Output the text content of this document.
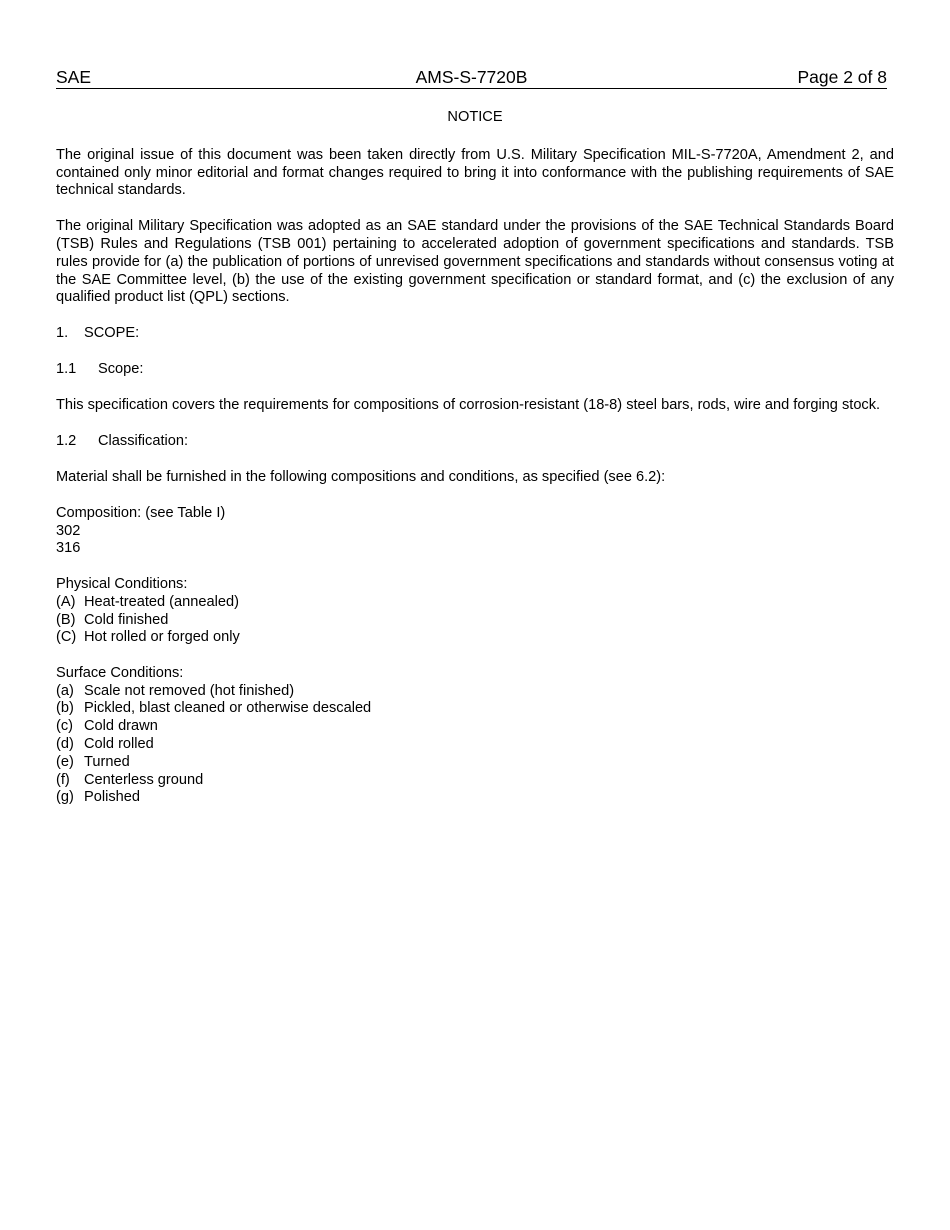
SAE	AMS-S-7720B	Page 2 of 8
NOTICE
The original issue of this document was been taken directly from U.S. Military Specification MIL-S-7720A, Amendment 2, and contained only minor editorial and format changes required to bring it into conformance with the publishing requirements of SAE technical standards.
The original Military Specification was adopted as an SAE standard under the provisions of the SAE Technical Standards Board (TSB) Rules and Regulations (TSB 001) pertaining to accelerated adoption of government specifications and standards. TSB rules provide for (a) the publication of portions of unrevised government specifications and standards without consensus voting at the SAE Committee level, (b) the use of the existing government specification or standard format, and (c) the exclusion of any qualified product list (QPL) sections.
1. SCOPE:
1.1 Scope:
This specification covers the requirements for compositions of corrosion-resistant (18-8) steel bars, rods, wire and forging stock.
1.2 Classification:
Material shall be furnished in the following compositions and conditions, as specified (see 6.2):
Composition: (see Table I)
302
316
Physical Conditions:
(A) Heat-treated (annealed)
(B) Cold finished
(C) Hot rolled or forged only
Surface Conditions:
(a) Scale not removed (hot finished)
(b) Pickled, blast cleaned or otherwise descaled
(c) Cold drawn
(d) Cold rolled
(e) Turned
(f) Centerless ground
(g) Polished
